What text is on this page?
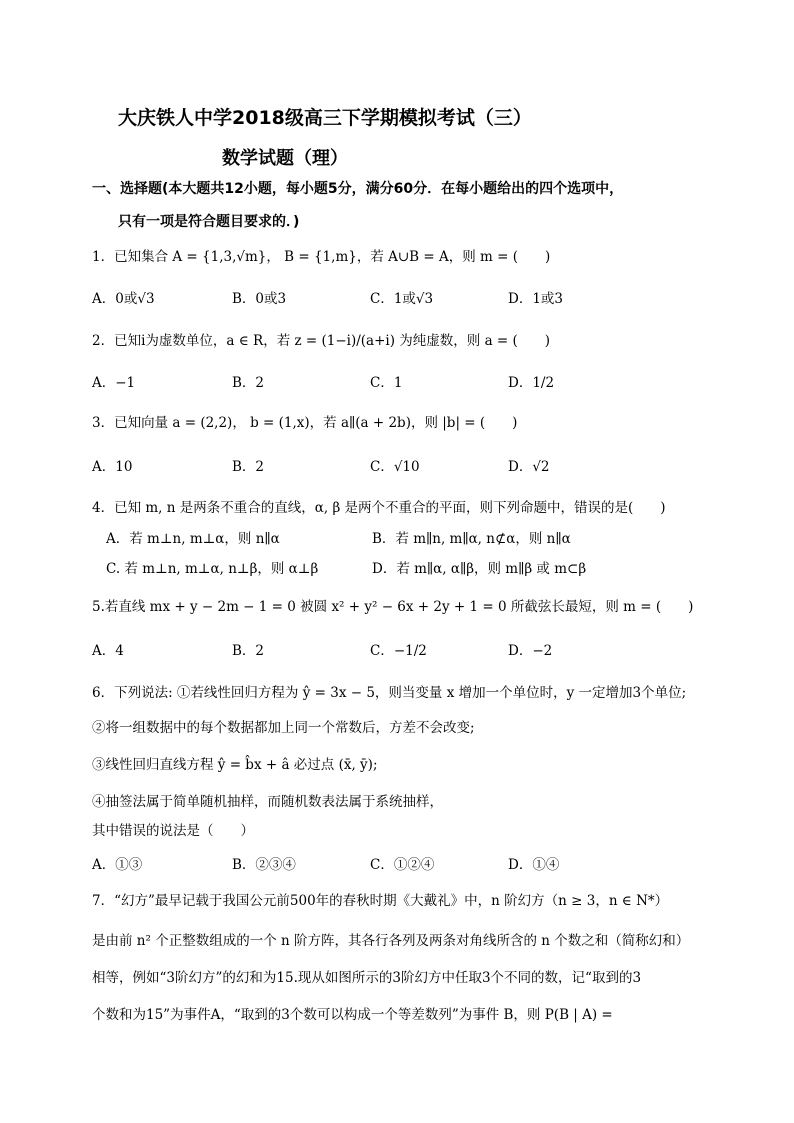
大庆铁人中学2018级高三下学期模拟考试（三）
数学试题（理）
一、选择题(本大题共12小题，每小题5分，满分60分．在每小题给出的四个选项中，
只有一项是符合题目要求的．)
1．已知集合 A = {1,3,√m}， B = {1,m}，若 A∪B = A，则 m = (　　)
A．0或√3	B．0或3	C．1或√3	D．1或3
2．已知i为虚数单位，a ∈ R，若 z = (1−i)/(a+i) 为纯虚数，则 a = (　　)
A．−1	B．2	C．1	D．1/2
3．已知向量 a = (2,2)， b = (1,x)，若 a∥(a + 2b)，则 |b| = (　　)
A．10	B．2	C．√10	D．√2
4．已知 m, n 是两条不重合的直线，α, β 是两个不重合的平面，则下列命题中，错误的是(　　)
A．若 m⊥n, m⊥α，则 n∥α	B．若 m∥n, m∥α, n⊄α，则 n∥α
C. 若 m⊥n, m⊥α, n⊥β，则 α⊥β	D．若 m∥α, α∥β，则 m∥β 或 m⊂β
5.若直线 mx + y − 2m − 1 = 0 被圆 x² + y² − 6x + 2y + 1 = 0 所截弦长最短，则 m = (　　)
A．4	B．2	C．−1/2	D．−2
6．下列说法: ①若线性回归方程为 ŷ = 3x − 5，则当变量 x 增加一个单位时，y 一定增加3个单位;
②将一组数据中的每个数据都加上同一个常数后，方差不会改变;
③线性回归直线方程 ŷ = b̂x + â 必过点 (x̄, ȳ);
④抽签法属于简单随机抽样，而随机数表法属于系统抽样，
其中错误的说法是（　　）
A．①③	B．②③④	C．①②④	D．①④
7．“幻方”最早记载于我国公元前500年的春秋时期《大戴礼》中，n 阶幻方（n ≥ 3，n ∈ N*）
是由前 n² 个正整数组成的一个 n 阶方阵，其各行各列及两条对角线所含的 n 个数之和（简称幻和）
相等，例如“3阶幻方”的幻和为15.现从如图所示的3阶幻方中任取3个不同的数，记“取到的3
个数和为15”为事件A，“取到的3个数可以构成一个等差数列”为事件 B，则 P(B | A) =
